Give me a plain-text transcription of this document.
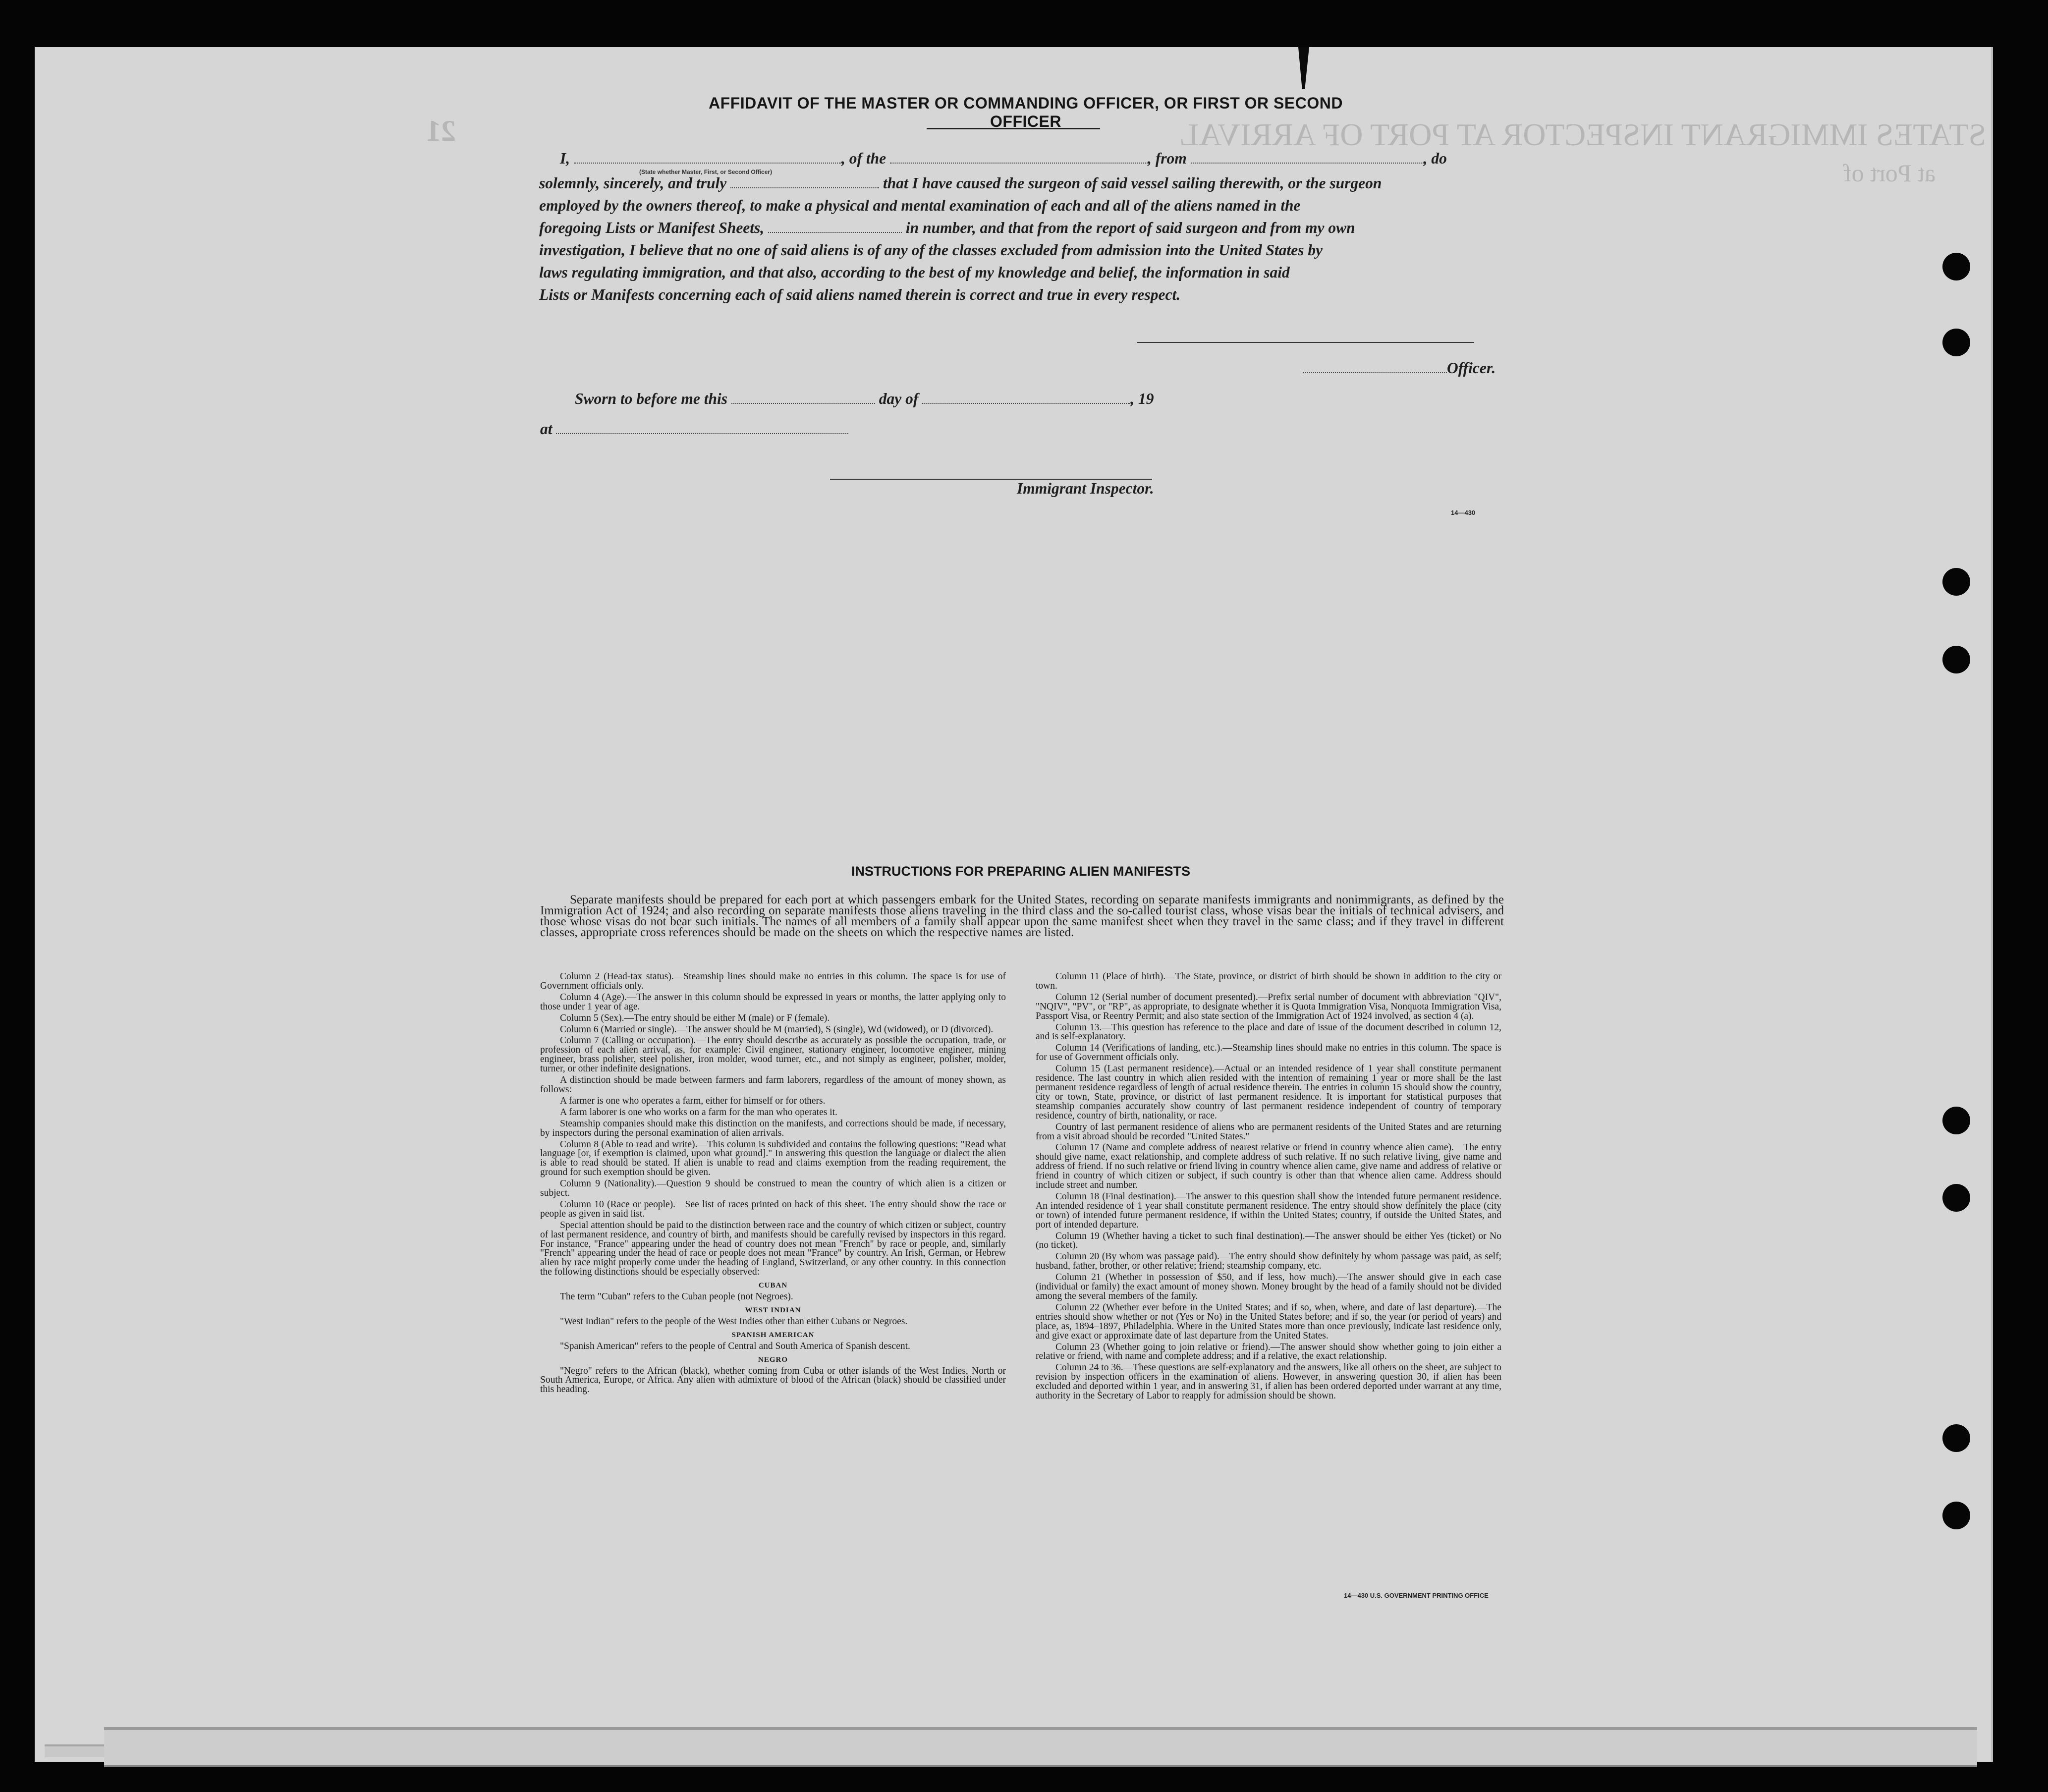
STATES IMMIGRANT INSPECTOR AT PORT OF ARRIVAL
21
at Port of
AFFIDAVIT OF THE MASTER OR COMMANDING OFFICER, OR FIRST OR SECOND OFFICER
I,	, of the	, from	, do
(State whether Master, First, or Second Officer)
solemnly, sincerely, and truly	that I have caused the surgeon of said vessel sailing therewith, or the surgeon
employed by the owners thereof, to make a physical and mental examination of each and all of the aliens named in the
foregoing Lists or Manifest Sheets,	in number, and that from the report of said surgeon and from my own
investigation, I believe that no one of said aliens is of any of the classes excluded from admission into the United States by
laws regulating immigration, and that also, according to the best of my knowledge and belief, the information in said
Lists or Manifests concerning each of said aliens named therein is correct and true in every respect.
Officer.
Sworn to before me this	day of	, 19
at
Immigrant Inspector.
14—430
INSTRUCTIONS FOR PREPARING ALIEN MANIFESTS
Separate manifests should be prepared for each port at which passengers embark for the United States, recording on separate manifests immigrants and nonimmigrants, as defined by the Immigration Act of 1924; and also recording on separate manifests those aliens traveling in the third class and the so-called tourist class, whose visas bear the initials of technical advisers, and those whose visas do not bear such initials. The names of all members of a family shall appear upon the same manifest sheet when they travel in the same class; and if they travel in different classes, appropriate cross references should be made on the sheets on which the respective names are listed.

Column 2 (Head-tax status).—Steamship lines should make no entries in this column. The space is for use of Government officials only.

Column 4 (Age).—The answer in this column should be expressed in years or months, the latter applying only to those under 1 year of age.

Column 5 (Sex).—The entry should be either M (male) or F (female).

Column 6 (Married or single).—The answer should be M (married), S (single), Wd (widowed), or D (divorced).

Column 7 (Calling or occupation).—The entry should describe as accurately as possible the occupation, trade, or profession of each alien arrival, as, for example: Civil engineer, stationary engineer, locomotive engineer, mining engineer, brass polisher, steel polisher, iron molder, wood turner, etc., and not simply as engineer, polisher, molder, turner, or other indefinite designations.

A distinction should be made between farmers and farm laborers, regardless of the amount of money shown, as follows:

A farmer is one who operates a farm, either for himself or for others.

A farm laborer is one who works on a farm for the man who operates it.

Steamship companies should make this distinction on the manifests, and corrections should be made, if necessary, by inspectors during the personal examination of alien arrivals.

Column 8 (Able to read and write).—This column is subdivided and contains the following questions: "Read what language [or, if exemption is claimed, upon what ground]." In answering this question the language or dialect the alien is able to read should be stated. If alien is unable to read and claims exemption from the reading requirement, the ground for such exemption should be given.

Column 9 (Nationality).—Question 9 should be construed to mean the country of which alien is a citizen or subject.

Column 10 (Race or people).—See list of races printed on back of this sheet. The entry should show the race or people as given in said list.

Special attention should be paid to the distinction between race and the country of which citizen or subject, country of last permanent residence, and country of birth, and manifests should be carefully revised by inspectors in this regard. For instance, "France" appearing under the head of country does not mean "French" by race or people, and, similarly "French" appearing under the head of race or people does not mean "France" by country. An Irish, German, or Hebrew alien by race might properly come under the heading of England, Switzerland, or any other country. In this connection the following distinctions should be especially observed:

CUBAN

The term "Cuban" refers to the Cuban people (not Negroes).

WEST INDIAN

"West Indian" refers to the people of the West Indies other than either Cubans or Negroes.

SPANISH AMERICAN

"Spanish American" refers to the people of Central and South America of Spanish descent.

NEGRO

"Negro" refers to the African (black), whether coming from Cuba or other islands of the West Indies, North or South America, Europe, or Africa. Any alien with admixture of blood of the African (black) should be classified under this heading.

Column 11 (Place of birth).—The State, province, or district of birth should be shown in addition to the city or town.

Column 12 (Serial number of document presented).—Prefix serial number of document with abbreviation "QIV", "NQIV", "PV", or "RP", as appropriate, to designate whether it is Quota Immigration Visa, Nonquota Immigration Visa, Passport Visa, or Reentry Permit; and also state section of the Immigration Act of 1924 involved, as section 4 (a).

Column 13.—This question has reference to the place and date of issue of the document described in column 12, and is self-explanatory.

Column 14 (Verifications of landing, etc.).—Steamship lines should make no entries in this column. The space is for use of Government officials only.

Column 15 (Last permanent residence).—Actual or an intended residence of 1 year shall constitute permanent residence. The last country in which alien resided with the intention of remaining 1 year or more shall be the last permanent residence regardless of length of actual residence therein. The entries in column 15 should show the country, city or town, State, province, or district of last permanent residence. It is important for statistical purposes that steamship companies accurately show country of last permanent residence independent of country of temporary residence, country of birth, nationality, or race.

Country of last permanent residence of aliens who are permanent residents of the United States and are returning from a visit abroad should be recorded "United States."

Column 17 (Name and complete address of nearest relative or friend in country whence alien came).—The entry should give name, exact relationship, and complete address of such relative. If no such relative living, give name and address of friend. If no such relative or friend living in country whence alien came, give name and address of relative or friend in country of which citizen or subject, if such country is other than that whence alien came. Address should include street and number.

Column 18 (Final destination).—The answer to this question shall show the intended future permanent residence. An intended residence of 1 year shall constitute permanent residence. The entry should show definitely the place (city or town) of intended future permanent residence, if within the United States; country, if outside the United States, and port of intended departure.

Column 19 (Whether having a ticket to such final destination).—The answer should be either Yes (ticket) or No (no ticket).

Column 20 (By whom was passage paid).—The entry should show definitely by whom passage was paid, as self; husband, father, brother, or other relative; friend; steamship company, etc.

Column 21 (Whether in possession of $50, and if less, how much).—The answer should give in each case (individual or family) the exact amount of money shown. Money brought by the head of a family should not be divided among the several members of the family.

Column 22 (Whether ever before in the United States; and if so, when, where, and date of last departure).—The entries should show whether or not (Yes or No) in the United States before; and if so, the year (or period of years) and place, as, 1894–1897, Philadelphia. Where in the United States more than once previously, indicate last residence only, and give exact or approximate date of last departure from the United States.

Column 23 (Whether going to join relative or friend).—The answer should show whether going to join either a relative or friend, with name and complete address; and if a relative, the exact relationship.

Column 24 to 36.—These questions are self-explanatory and the answers, like all others on the sheet, are subject to revision by inspection officers in the examination of aliens. However, in answering question 30, if alien has been excluded and deported within 1 year, and in answering 31, if alien has been ordered deported under warrant at any time, authority in the Secretary of Labor to reapply for admission should be shown.

14—430 U.S. GOVERNMENT PRINTING OFFICE
